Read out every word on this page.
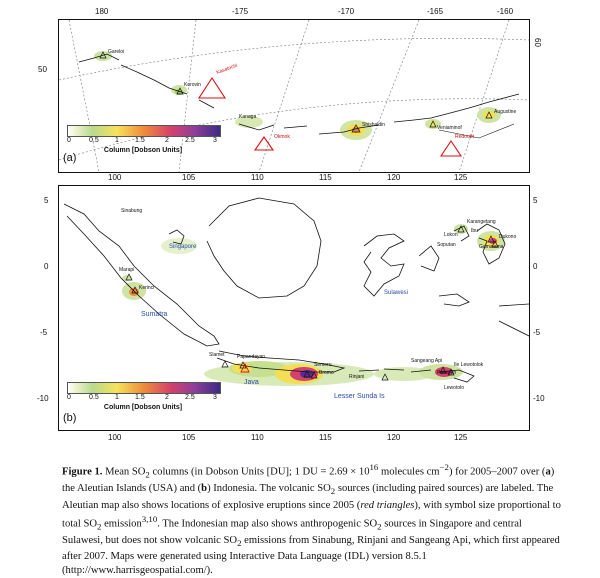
Gareloi
Korovin
Kanaga
Shishaldin	Veniaminof
Augustine
Kasatochi
Okmok	Redoubt
(a)
0	0.5 1 1.5	2 2.5	3
Column [Dobson Units]
50
60
180	-175	-170	-165	-160
100	105	110	115	120	125
Sinabung
Marapi
Kerinci
Slamet Papandayan
Semeru
Bromo
Rinjani
Sangeang Api
Paluweh
Ile Lewotolok
Lewotolo
Karangetang
Ibu
Dukono
Gamalama
Soputan
Lokon
Singapore
Sumatra
Java
Sulawesi
Lesser Sunda Is
(b)
0	0.5 1 1.5	2 2.5	3
Column [Dobson Units]
5
0
-5
-10
5
0
-5
-10
100	105	110	115	120	125
Figure 1. Mean $SO_2$ columns (in Dobson Units [DU]; 1 DU = $2.69 \times 10^{16}$ molecules $cm^{-2}$) for 2005–2007 over (a) the Aleutian Islands (USA) and (b) Indonesia. The volcanic $SO_2$ sources (including paired sources) are labeled. The Aleutian map also shows locations of explosive eruptions since 2005 (red triangles), with symbol size proportional to total $SO_2$ emission$^{3,10}$. The Indonesian map also shows anthropogenic $SO_2$ sources in Singapore and central Sulawesi, but does not show volcanic $SO_2$ emissions from Sinabung, Rinjani and Sangeang Api, which first appeared after 2007. Maps were generated using Interactive Data Language (IDL) version 8.5.1 (http://www.harrisgeospatial.com/).
